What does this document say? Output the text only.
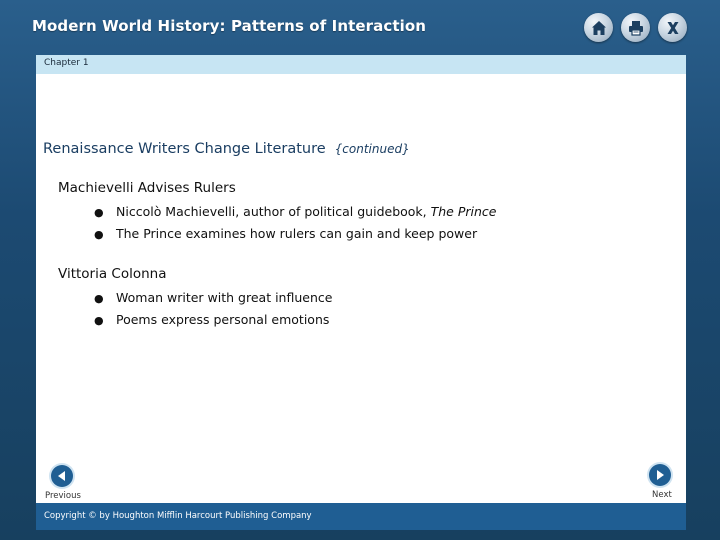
Modern World History: Patterns of Interaction
Chapter 1
Renaissance Writers Change Literature {continued}
Machievelli Advises Rulers
● Niccolò Machievelli, author of political guidebook, The Prince
● The Prince examines how rulers can gain and keep power
Vittoria Colonna
● Woman writer with great influence
● Poems express personal emotions
Previous	Next
Copyright © by Houghton Mifflin Harcourt Publishing Company
